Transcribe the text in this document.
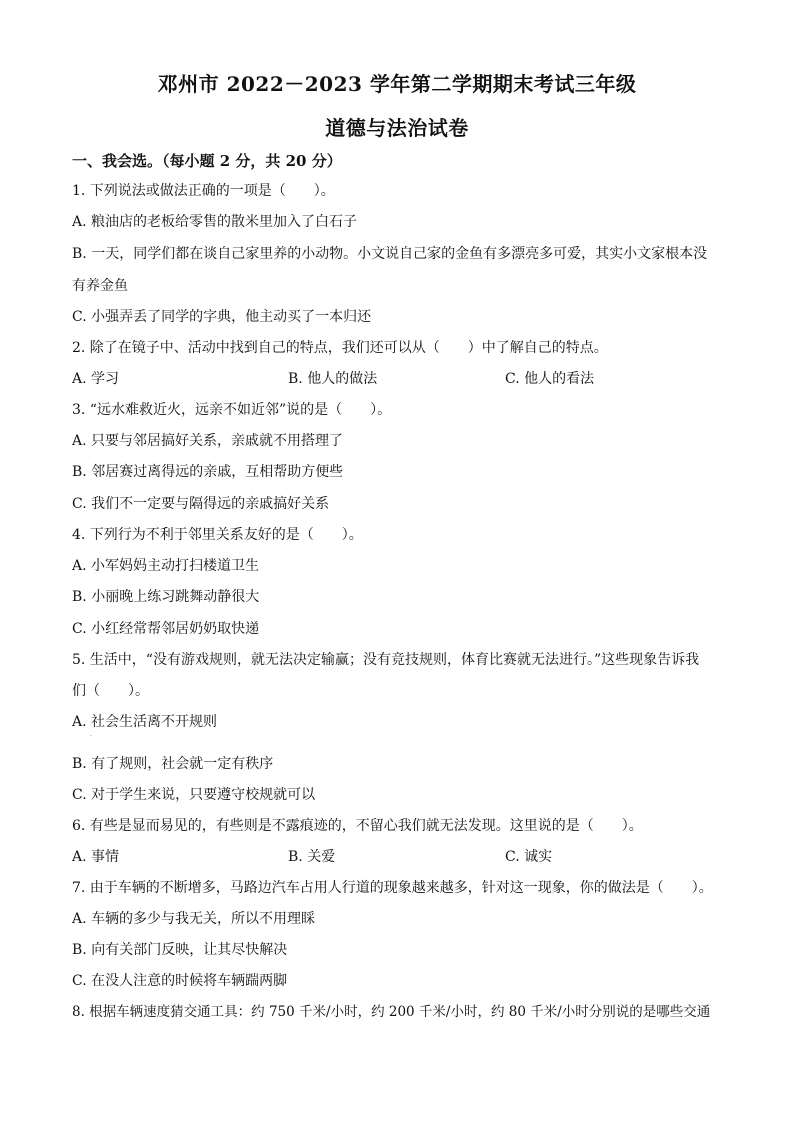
邓州市 2022－2023 学年第二学期期末考试三年级
道德与法治试卷
一、我会选。（每小题 2 分，共 20 分）
1. 下列说法或做法正确的一项是（　　）。
A. 粮油店的老板给零售的散米里加入了白石子
B. 一天，同学们都在谈自己家里养的小动物。小文说自己家的金鱼有多漂亮多可爱，其实小文家根本没
有养金鱼
C. 小强弄丢了同学的字典，他主动买了一本归还
2. 除了在镜子中、活动中找到自己的特点，我们还可以从（　　）中了解自己的特点。
A. 学习	B. 他人的做法	C. 他人的看法
3. “远水难救近火，远亲不如近邻”说的是（　　）。
A. 只要与邻居搞好关系，亲戚就不用搭理了
B. 邻居赛过离得远的亲戚，互相帮助方便些
C. 我们不一定要与隔得远的亲戚搞好关系
4. 下列行为不利于邻里关系友好的是（　　）。
A. 小军妈妈主动打扫楼道卫生
B. 小丽晚上练习跳舞动静很大
C. 小红经常帮邻居奶奶取快递
5. 生活中，“没有游戏规则，就无法决定输赢；没有竞技规则，体育比赛就无法进行。”这些现象告诉我
们（　　）。
A. 社会生活离不开规则
·
B. 有了规则，社会就一定有秩序
C. 对于学生来说，只要遵守校规就可以
6. 有些是显而易见的，有些则是不露痕迹的，不留心我们就无法发现。这里说的是（　　）。
A. 事情	B. 关爱	C. 诚实
7. 由于车辆的不断增多，马路边汽车占用人行道的现象越来越多，针对这一现象，你的做法是（　　）。
A. 车辆的多少与我无关，所以不用理睬
B. 向有关部门反映，让其尽快解决
C. 在没人注意的时候将车辆踹两脚
8. 根据车辆速度猜交通工具：约 750 千米/小时，约 200 千米/小时，约 80 千米/小时分别说的是哪些交通
